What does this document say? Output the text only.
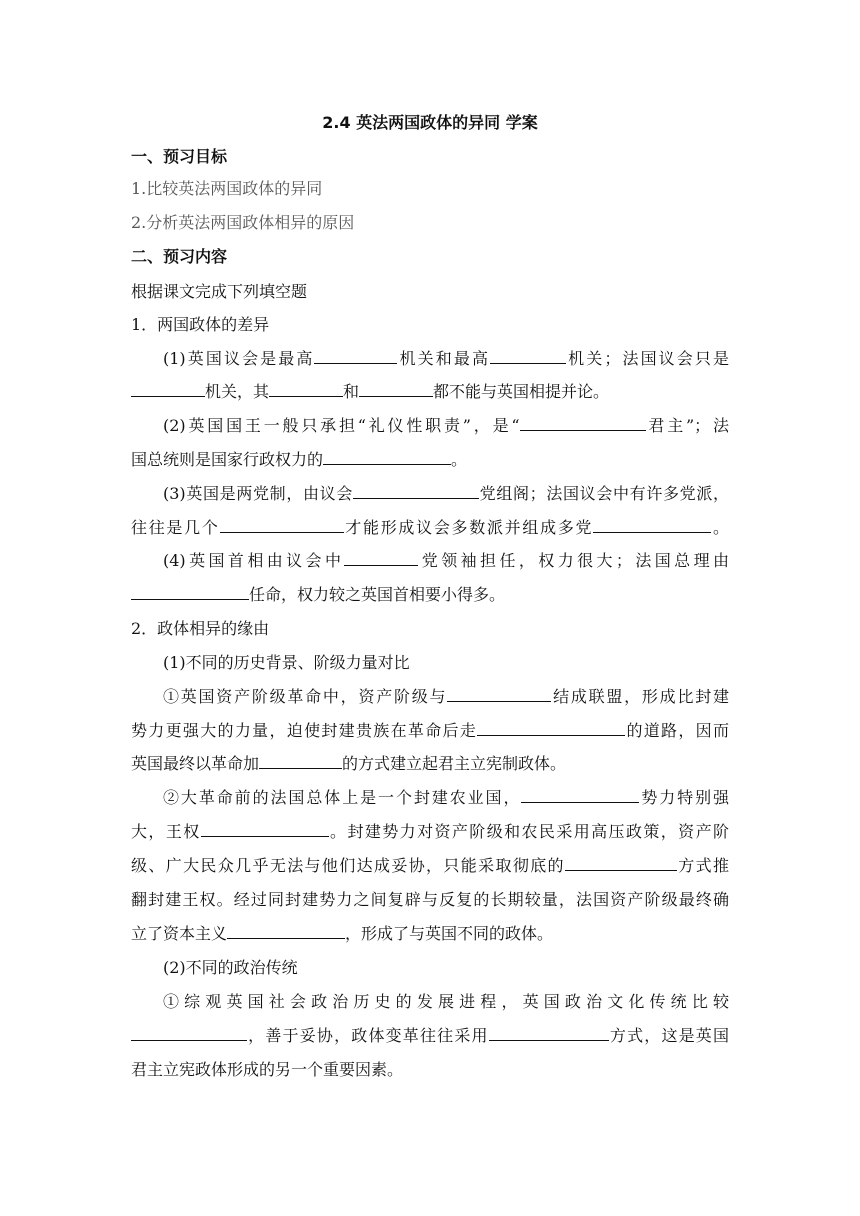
2.4 英法两国政体的异同 学案
一、预习目标
1.比较英法两国政体的异同
2.分析英法两国政体相异的原因
二、预习内容
根据课文完成下列填空题
1．两国政体的差异
(1)英国议会是最高	机关和最高	机关；法国议会只是
机关，其	和	都不能与英国相提并论。
(2)英国国王一般只承担“礼仪性职责”，是“	君主”；法
国总统则是国家行政权力的	。
(3)英国是两党制，由议会	党组阁；法国议会中有许多党派，
往往是几个	才能形成议会多数派并组成多党	。
(4)英国首相由议会中	党领袖担任，权力很大；法国总理由
任命，权力较之英国首相要小得多。
2．政体相异的缘由
(1)不同的历史背景、阶级力量对比
①英国资产阶级革命中，资产阶级与	结成联盟，形成比封建
势力更强大的力量，迫使封建贵族在革命后走	的道路，因而
英国最终以革命加	的方式建立起君主立宪制政体。
②大革命前的法国总体上是一个封建农业国，	势力特别强
大，王权	。封建势力对资产阶级和农民采用高压政策，资产阶
级、广大民众几乎无法与他们达成妥协，只能采取彻底的	方式推
翻封建王权。经过同封建势力之间复辟与反复的长期较量，法国资产阶级最终确
立了资本主义	，形成了与英国不同的政体。
(2)不同的政治传统
①综观英国社会政治历史的发展进程，英国政治文化传统比较
，善于妥协，政体变革往往采用	方式，这是英国
君主立宪政体形成的另一个重要因素。
